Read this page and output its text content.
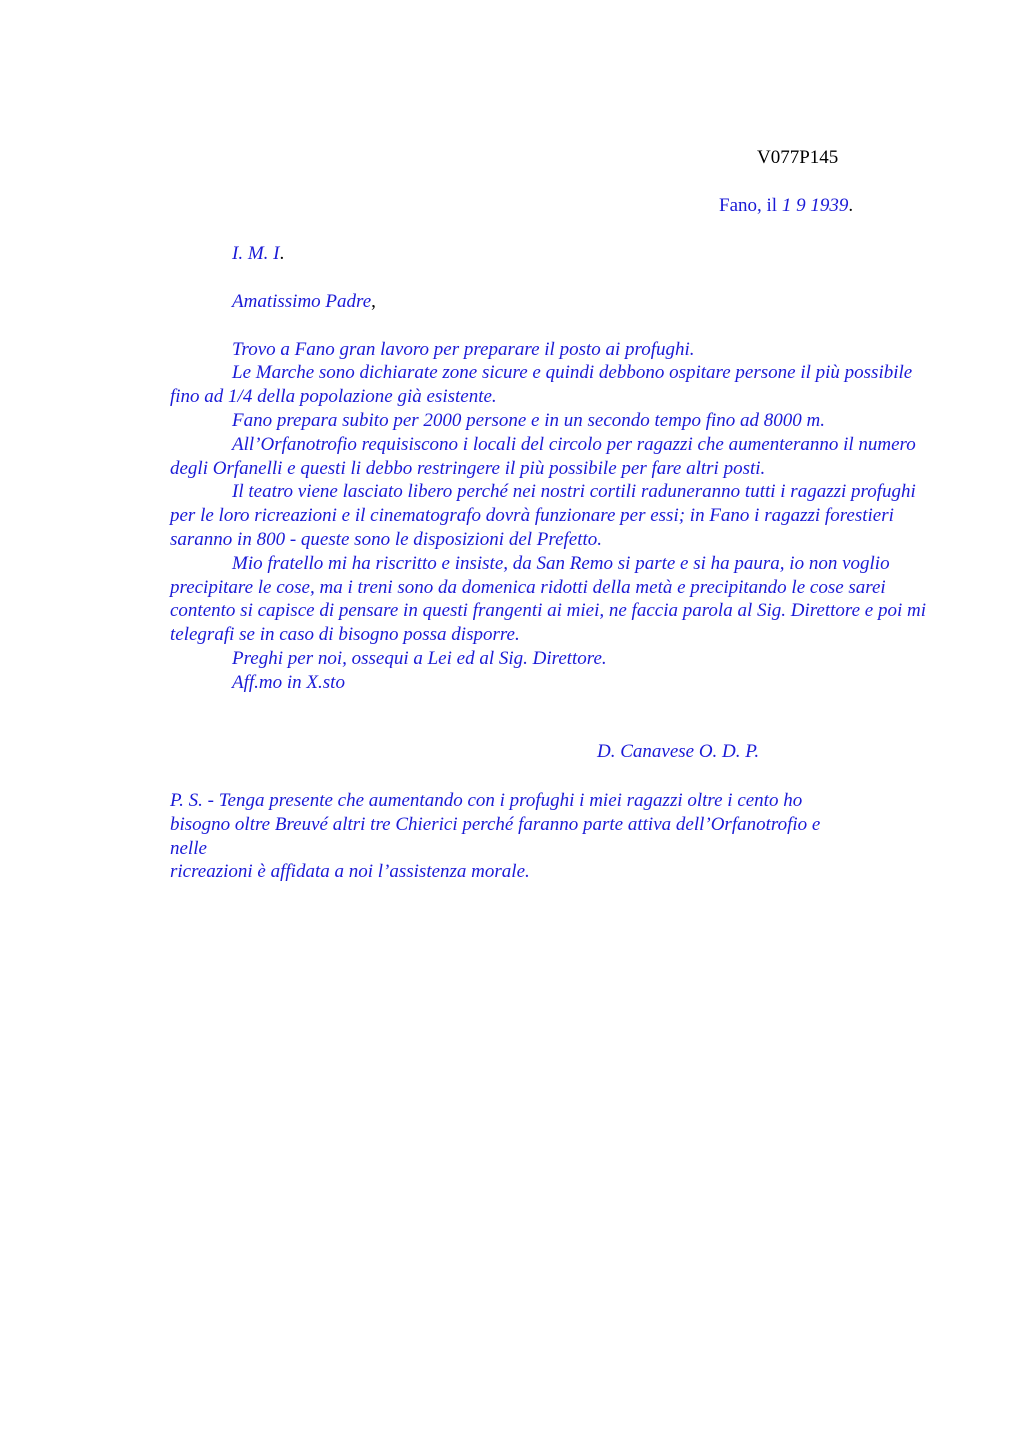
V077P145
Fano, il 1 9 1939.
I. M. I.
Amatissimo Padre,
Trovo a Fano gran lavoro per preparare il posto ai profughi.
Le Marche sono dichiarate zone sicure e quindi debbono ospitare persone il più possibile fino ad 1/4 della popolazione già esistente.
Fano prepara subito per 2000 persone e in un secondo tempo fino ad 8000 m.
All’Orfanotrofio requisiscono i locali del circolo per ragazzi che aumenteranno il numero degli Orfanelli e questi li debbo restringere il più possibile per fare altri posti.
Il teatro viene lasciato libero perché nei nostri cortili raduneranno tutti i ragazzi profughi per le loro ricreazioni e il cinematografo dovrà funzionare per essi; in Fano i ragazzi forestieri saranno in 800 - queste sono le disposizioni del Prefetto.
Mio fratello mi ha riscritto e insiste, da San Remo si parte e si ha paura, io non voglio precipitare le cose, ma i treni sono da domenica ridotti della metà e precipitando le cose sarei contento si capisce di pensare in questi frangenti ai miei, ne faccia parola al Sig. Direttore e poi mi telegrafi se in caso di bisogno possa disporre.
Preghi per noi, ossequi a Lei ed al Sig. Direttore.
Aff.mo in X.sto
D. Canavese O. D. P.
P. S. - Tenga presente che aumentando con i profughi i miei ragazzi oltre i cento ho
bisogno oltre Breuvé altri tre Chierici perché faranno parte attiva dell’Orfanotrofio e
nelle
ricreazioni è affidata a noi l’assistenza morale.
